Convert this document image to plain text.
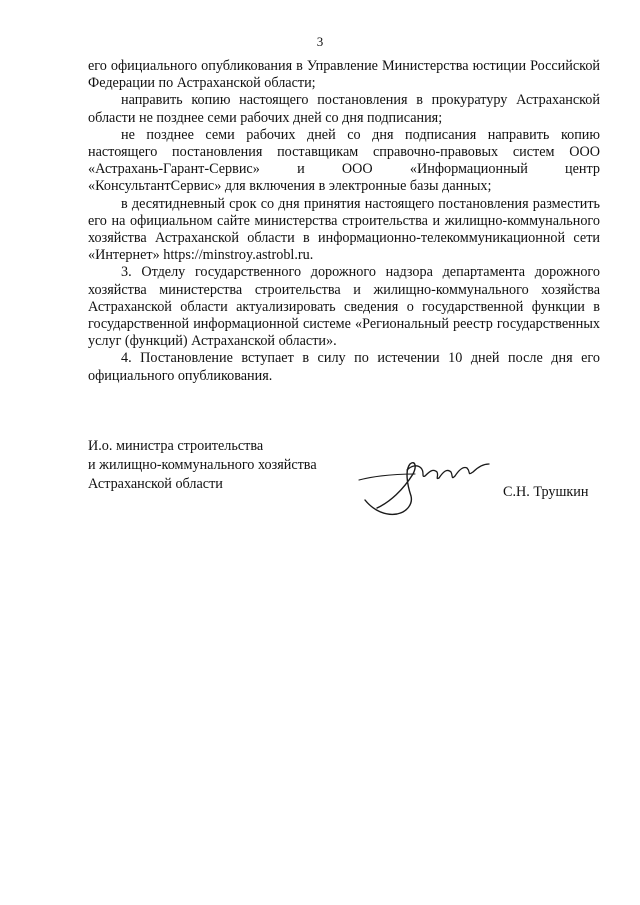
3

его официального опубликования в Управление Министерства юстиции Российской Федерации по Астраханской области;

направить копию настоящего постановления в прокуратуру Астраханской области не позднее семи рабочих дней со дня подписания;

не позднее семи рабочих дней со дня подписания направить копию настоящего постановления поставщикам справочно-правовых систем ООО «Астрахань-Гарант-Сервис» и ООО «Информационный центр «КонсультантСервис» для включения в электронные базы данных;

в десятидневный срок со дня принятия настоящего постановления разместить его на официальном сайте министерства строительства и жилищно-коммунального хозяйства Астраханской области в информационно-телекоммуникационной сети «Интернет» https://minstroy.astrobl.ru.

3. Отделу государственного дорожного надзора департамента дорожного хозяйства министерства строительства и жилищно-коммунального хозяйства Астраханской области актуализировать сведения о государственной функции в государственной информационной системе «Региональный реестр государственных услуг (функций) Астраханской области».

4. Постановление вступает в силу по истечении 10 дней после дня его официального опубликования.

И.о. министра строительства
и жилищно-коммунального хозяйства
Астраханской области	С.Н. Трушкин
